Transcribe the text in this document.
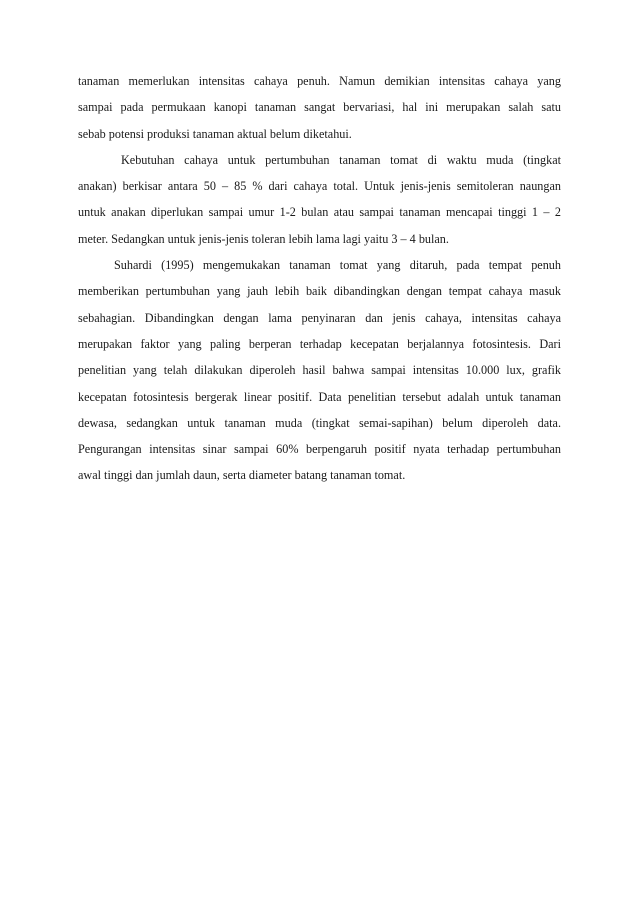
tanaman memerlukan intensitas cahaya penuh. Namun demikian intensitas cahaya yang
sampai pada permukaan kanopi tanaman sangat bervariasi, hal ini merupakan salah satu
sebab potensi produksi tanaman aktual belum diketahui.
Kebutuhan cahaya untuk pertumbuhan tanaman tomat di waktu muda (tingkat
anakan) berkisar antara 50 – 85 % dari cahaya total. Untuk jenis-jenis semitoleran naungan
untuk anakan diperlukan sampai umur 1-2 bulan atau sampai tanaman mencapai tinggi 1 – 2
meter. Sedangkan untuk jenis-jenis toleran lebih lama lagi yaitu 3 – 4 bulan.
Suhardi (1995) mengemukakan tanaman tomat yang ditaruh, pada tempat penuh
memberikan pertumbuhan yang jauh lebih baik dibandingkan dengan tempat cahaya masuk
sebahagian. Dibandingkan dengan lama penyinaran dan jenis cahaya, intensitas cahaya
merupakan faktor yang paling berperan terhadap kecepatan berjalannya fotosintesis. Dari
penelitian yang telah dilakukan diperoleh hasil bahwa sampai intensitas 10.000 lux, grafik
kecepatan fotosintesis bergerak linear positif. Data penelitian tersebut adalah untuk tanaman
dewasa, sedangkan untuk tanaman muda (tingkat semai-sapihan) belum diperoleh data.
Pengurangan intensitas sinar sampai 60% berpengaruh positif nyata terhadap pertumbuhan
awal tinggi dan jumlah daun, serta diameter batang tanaman tomat.
